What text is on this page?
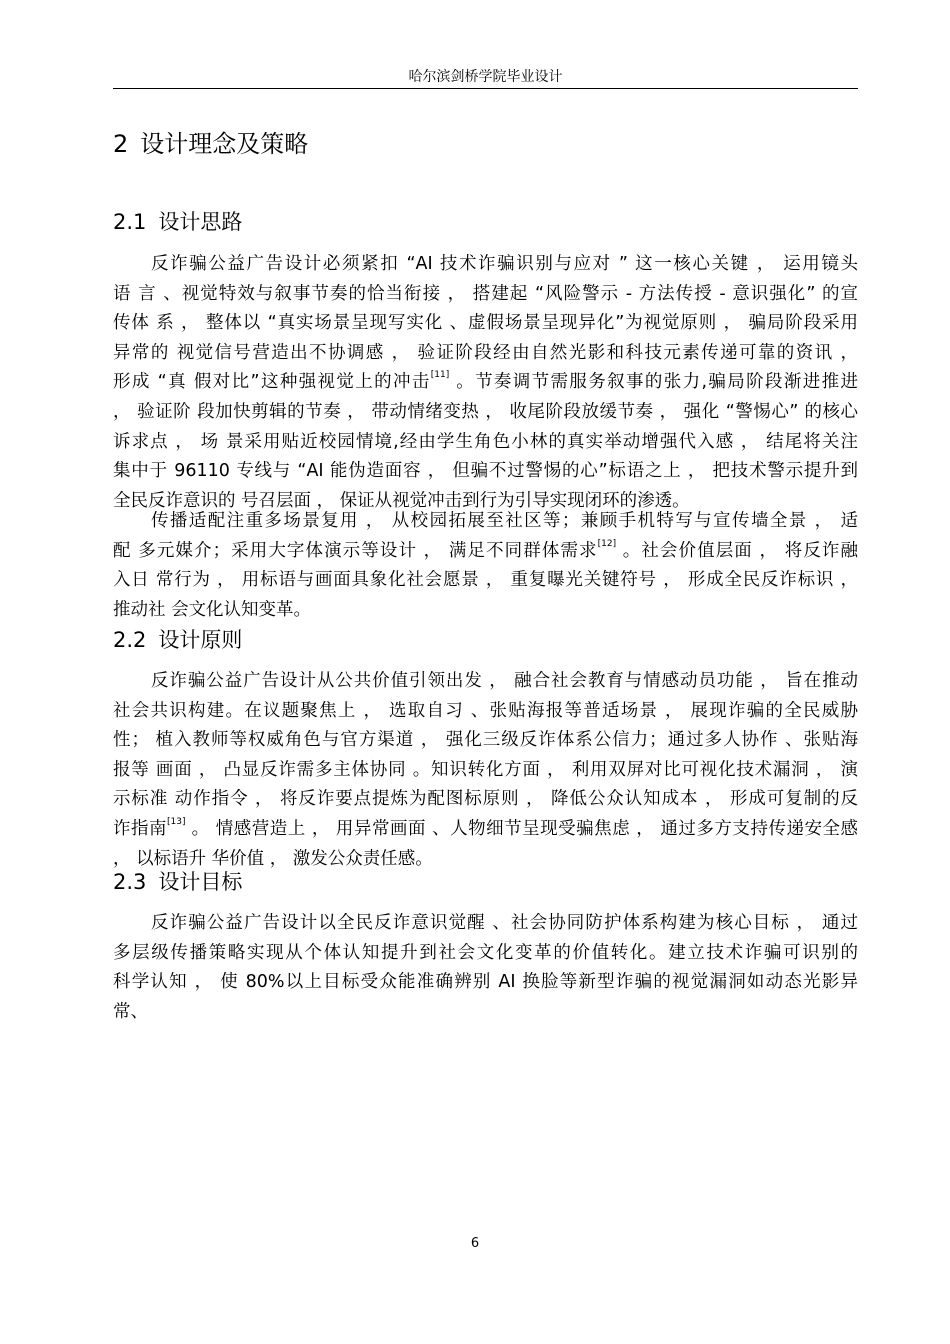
哈尔滨剑桥学院毕业设计
2 设计理念及策略
2.1 设计思路
反诈骗公益广告设计必须紧扣 “AI 技术诈骗识别与应对 ” 这一核心关键 ， 运用镜头
语 言 、视觉特效与叙事节奏的恰当衔接 ， 搭建起 “风险警示 - 方法传授 - 意识强化” 的宣
传体 系 ， 整体以 “真实场景呈现写实化 、虚假场景呈现异化”为视觉原则 ， 骗局阶段采用
异常的 视觉信号营造出不协调感 ， 验证阶段经由自然光影和科技元素传递可靠的资讯 ，
形成 “真 假对比”这种强视觉上的冲击[11] 。节奏调节需服务叙事的张力,骗局阶段渐进推进
， 验证阶 段加快剪辑的节奏 ， 带动情绪变热 ， 收尾阶段放缓节奏 ， 强化 “警惕心” 的核心
诉求点 ， 场 景采用贴近校园情境,经由学生角色小林的真实举动增强代入感 ， 结尾将关注
集中于 96110 专线与 “AI 能伪造面容 ， 但骗不过警惕的心”标语之上 ， 把技术警示提升到
全民反诈意识的 号召层面 ， 保证从视觉冲击到行为引导实现闭环的渗透。
传播适配注重多场景复用 ， 从校园拓展至社区等；兼顾手机特写与宣传墙全景 ， 适
配 多元媒介；采用大字体演示等设计 ， 满足不同群体需求[12] 。社会价值层面 ， 将反诈融
入日 常行为 ， 用标语与画面具象化社会愿景 ， 重复曝光关键符号 ， 形成全民反诈标识 ，
推动社 会文化认知变革。
2.2 设计原则
反诈骗公益广告设计从公共价值引领出发 ， 融合社会教育与情感动员功能 ， 旨在推动
社会共识构建。在议题聚焦上 ， 选取自习 、张贴海报等普适场景 ， 展现诈骗的全民威胁
性； 植入教师等权威角色与官方渠道 ， 强化三级反诈体系公信力；通过多人协作 、张贴海
报等 画面 ， 凸显反诈需多主体协同 。知识转化方面 ， 利用双屏对比可视化技术漏洞 ， 演
示标准 动作指令 ， 将反诈要点提炼为配图标原则 ， 降低公众认知成本 ， 形成可复制的反
诈指南[13] 。 情感营造上 ， 用异常画面 、人物细节呈现受骗焦虑 ， 通过多方支持传递安全感
， 以标语升 华价值 ， 激发公众责任感。
2.3 设计目标
反诈骗公益广告设计以全民反诈意识觉醒 、社会协同防护体系构建为核心目标 ， 通过
多层级传播策略实现从个体认知提升到社会文化变革的价值转化。建立技术诈骗可识别的
科学认知 ， 使 80%以上目标受众能准确辨别 AI 换脸等新型诈骗的视觉漏洞如动态光影异
常、
6
